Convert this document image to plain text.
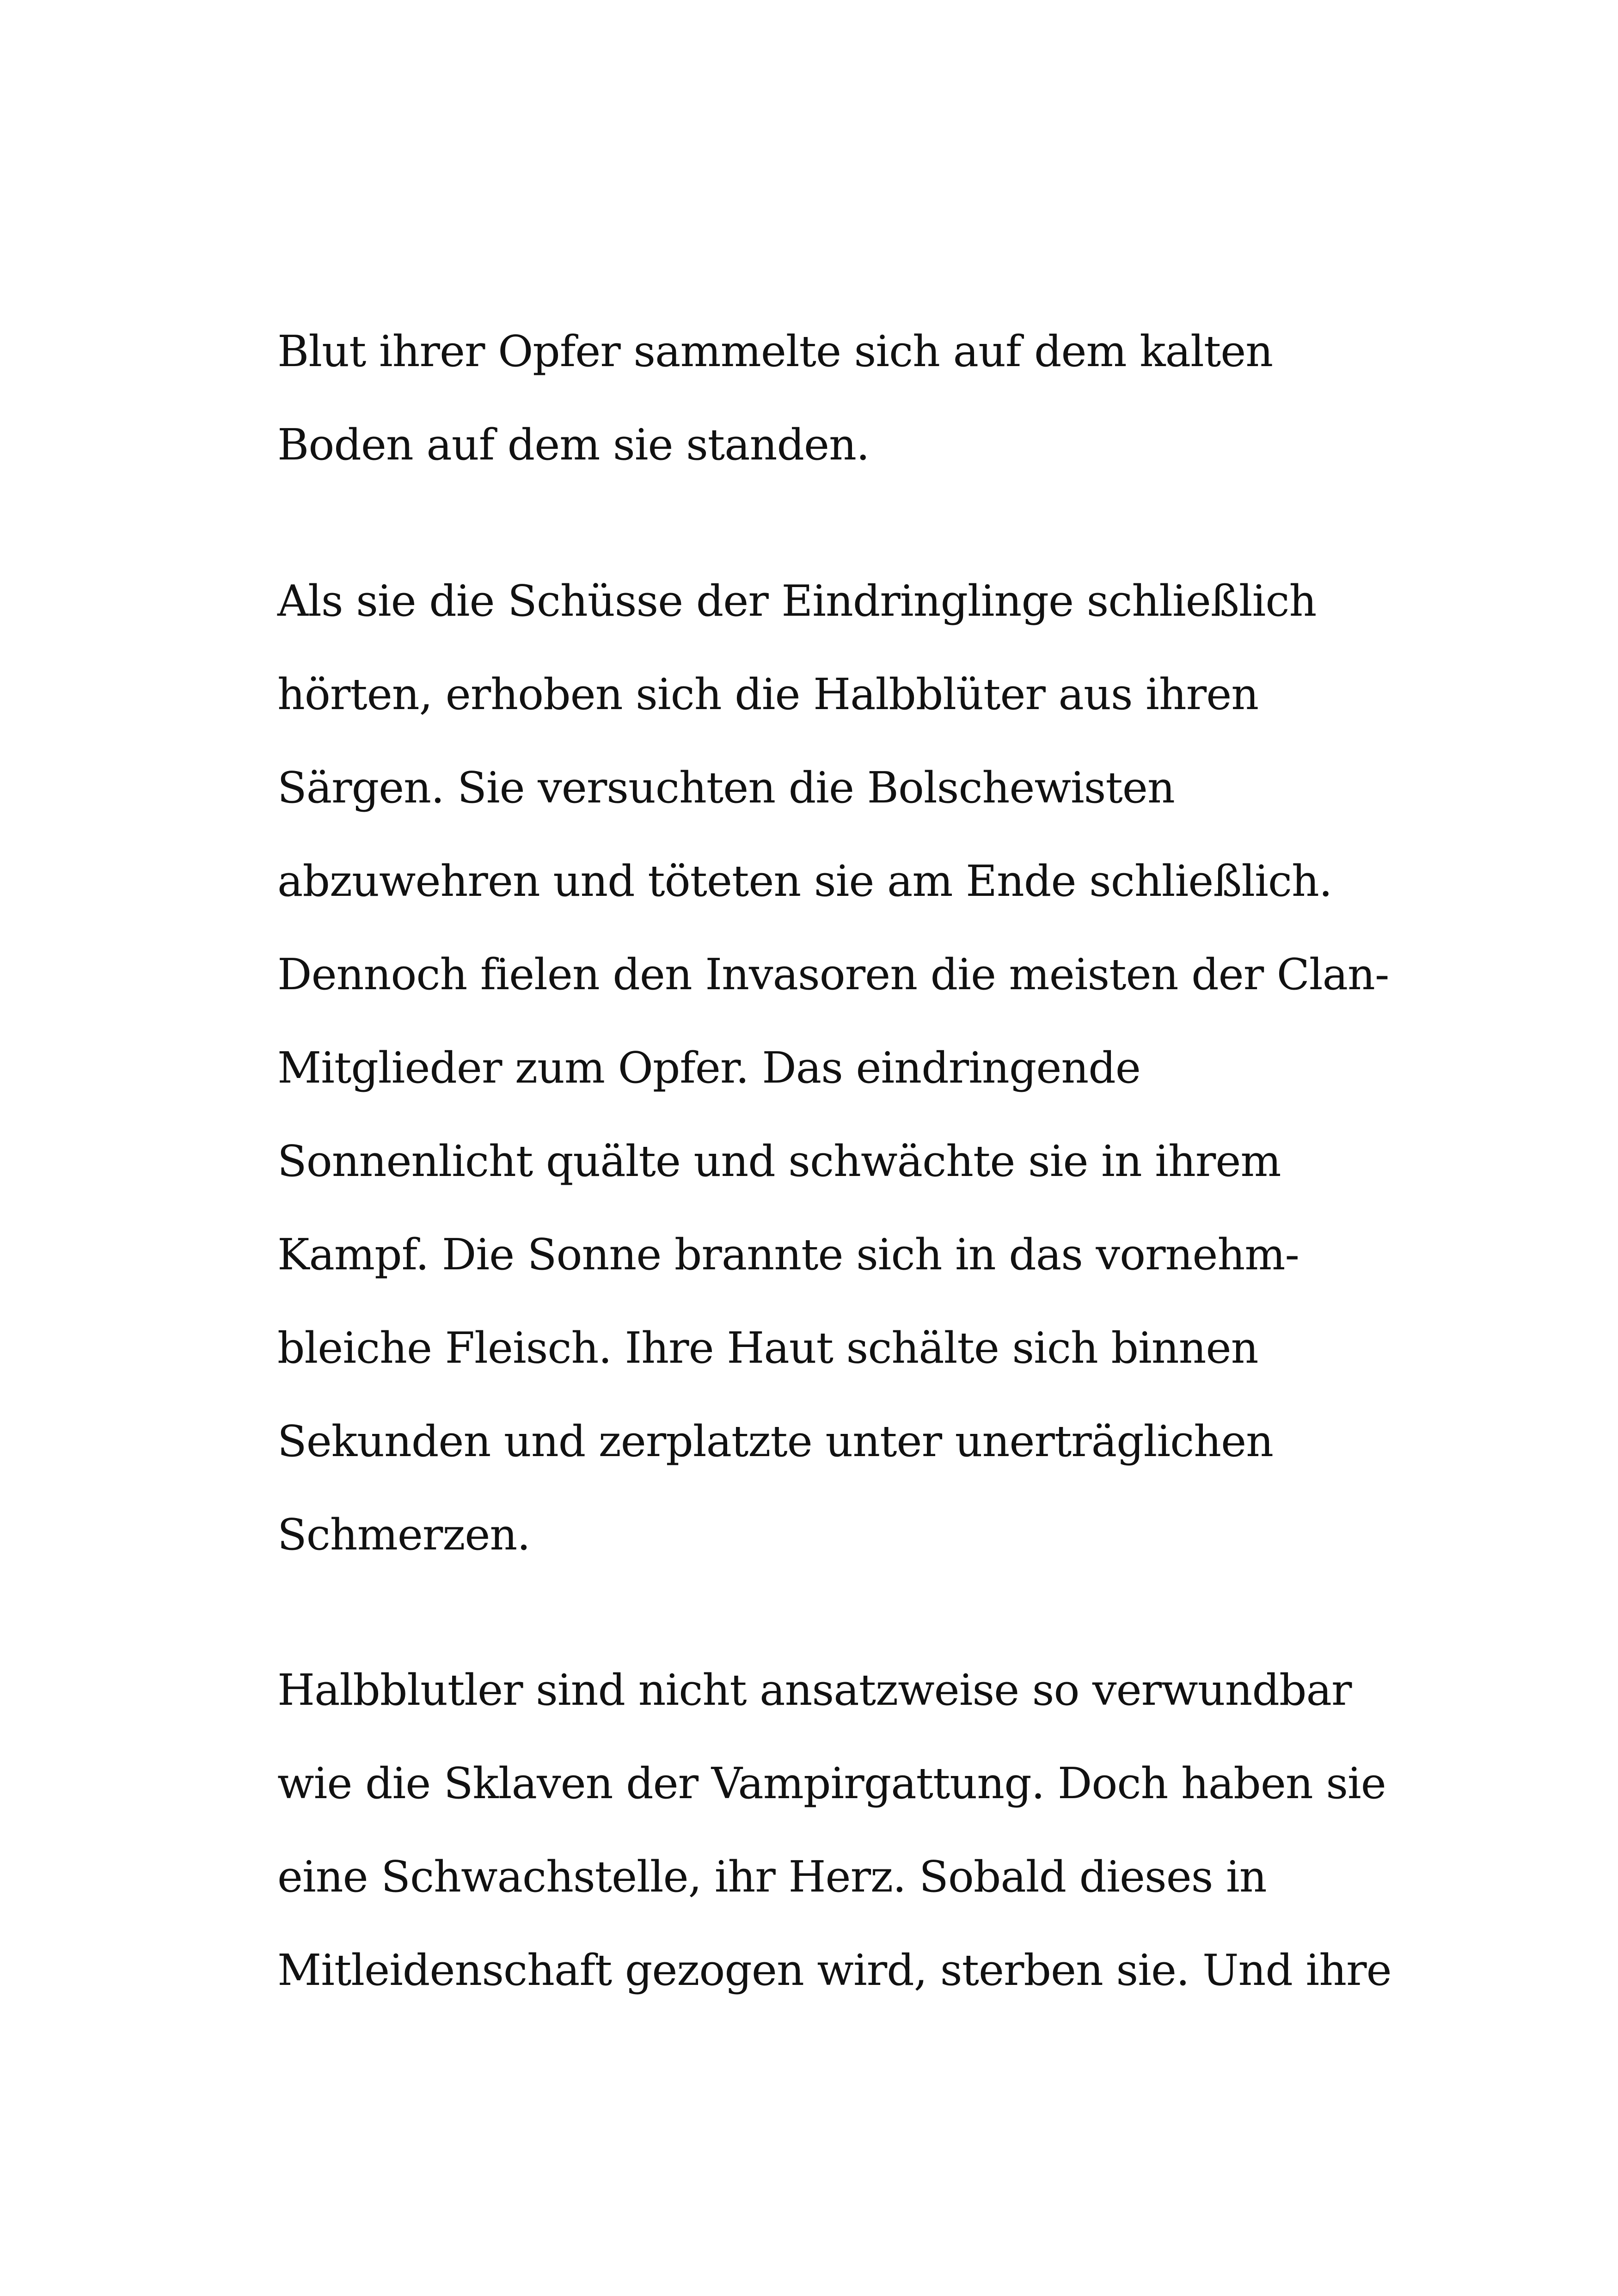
Blut ihrer Opfer sammelte sich auf dem kalten
Boden auf dem sie standen.
Als sie die Schüsse der Eindringlinge schließlich
hörten, erhoben sich die Halbblüter aus ihren
Särgen. Sie versuchten die Bolschewisten
abzuwehren und töteten sie am Ende schließlich.
Dennoch fielen den Invasoren die meisten der Clan-
Mitglieder zum Opfer. Das eindringende
Sonnenlicht quälte und schwächte sie in ihrem
Kampf. Die Sonne brannte sich in das vornehm-
bleiche Fleisch. Ihre Haut schälte sich binnen
Sekunden und zerplatzte unter unerträglichen
Schmerzen.
Halbblutler sind nicht ansatzweise so verwundbar
wie die Sklaven der Vampirgattung. Doch haben sie
eine Schwachstelle, ihr Herz. Sobald dieses in
Mitleidenschaft gezogen wird, sterben sie. Und ihre
